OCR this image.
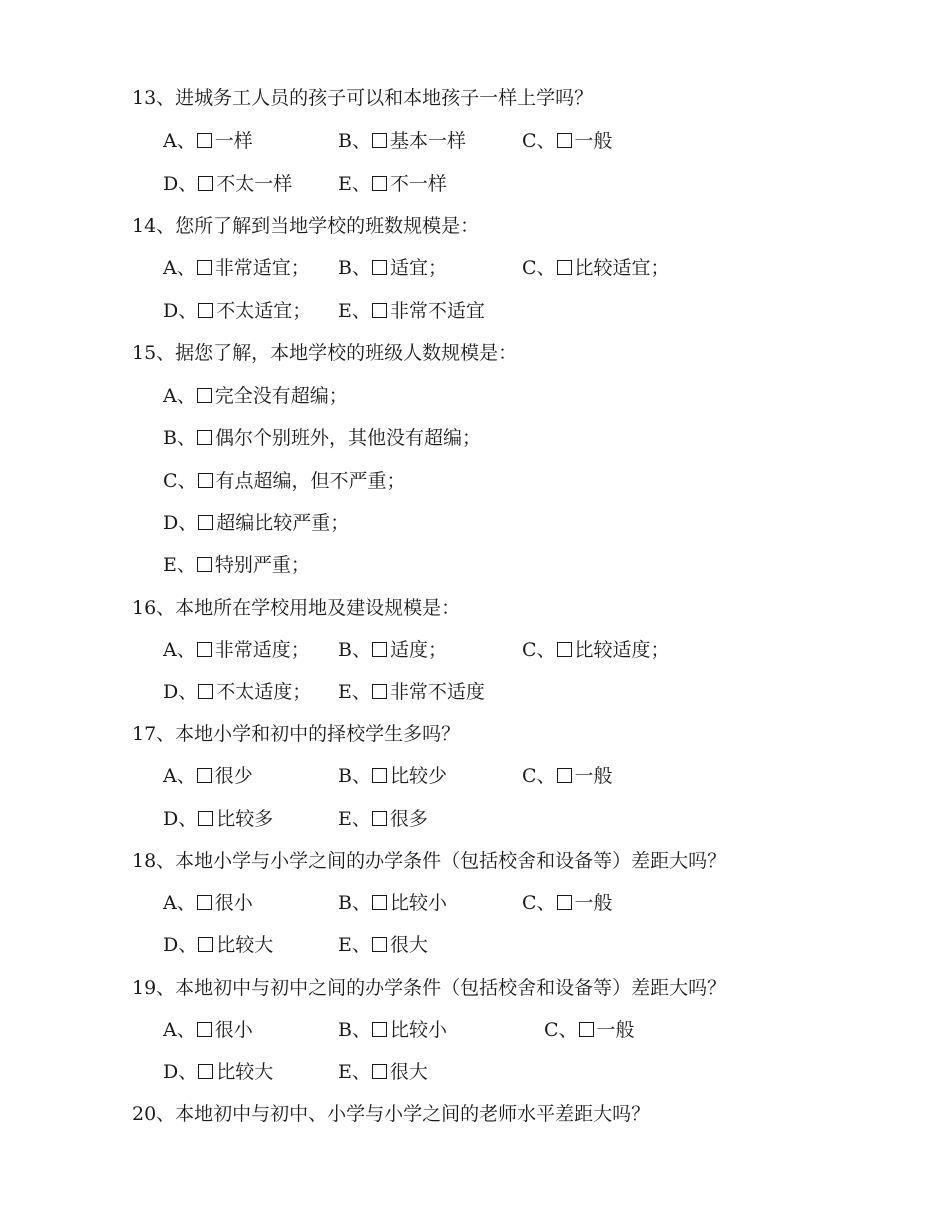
13、进城务工人员的孩子可以和本地孩子一样上学吗？
A、 一样	B、 基本一样	C、 一般
D、 不太一样 E、 不一样
14、您所了解到当地学校的班数规模是：
A、 非常适宜； B、 适宜；	C、 比较适宜；
D、 不太适宜； E、 非常不适宜
15、据您了解，本地学校的班级人数规模是：
A、 完全没有超编；
B、 偶尔个别班外，其他没有超编；
C、 有点超编，但不严重；
D、 超编比较严重；
E、 特别严重；
16、本地所在学校用地及建设规模是：
A、 非常适度； B、 适度；	C、 比较适度；
D、 不太适度； E、 非常不适度
17、本地小学和初中的择校学生多吗？
A、 很少	B、 比较少	C、 一般
D、 比较多	E、 很多
18、本地小学与小学之间的办学条件（包括校舍和设备等）差距大吗？
A、 很小	B、 比较小	C、 一般
D、 比较大	E、 很大
19、本地初中与初中之间的办学条件（包括校舍和设备等）差距大吗？
A、 很小	B、 比较小	C、 一般
D、 比较大	E、 很大
20、本地初中与初中、小学与小学之间的老师水平差距大吗？
